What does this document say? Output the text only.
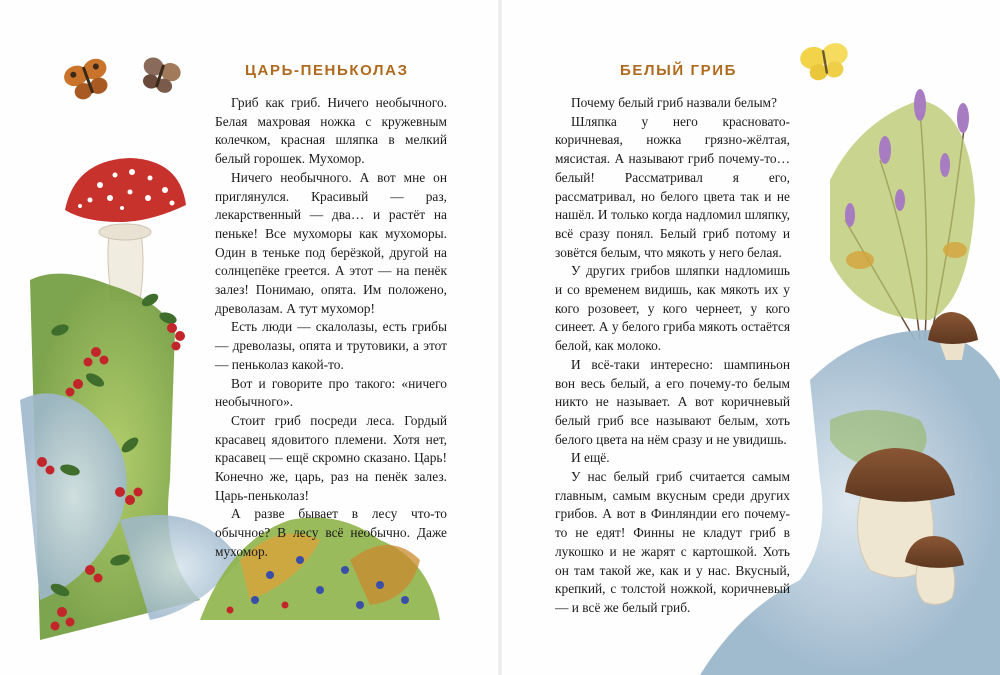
ЦАРЬ-ПЕНЬКОЛАЗ

Гриб как гриб. Ничего необычного. Белая махровая ножка с кружевным колечком, красная шляпка в мелкий белый горошек. Мухомор.

Ничего необычного. А вот мне он приглянулся. Красивый — раз, лекарственный — два… и растёт на пеньке! Все мухоморы как мухоморы. Один в теньке под берёзкой, другой на солнцепёке греется. А этот — на пенёк залез! Понимаю, опята. Им положено, древолазам. А тут мухомор!

Есть люди — скалолазы, есть грибы — древолазы, опята и трутовики, а этот — пенькол​аз какой-то.

Вот и говорите про такого: «ничего необычного».

Стоит гриб посреди леса. Гордый красавец ядовитого племени. Хотя нет, красавец — ещё скромно сказано. Царь! Конечно же, царь, раз на пенёк залез. Царь-пенькол​аз!

А разве бывает в лесу что-то обычное? В лесу всё необычно. Даже мухомор.

БЕЛЫЙ ГРИБ

Почему белый гриб назвали белым?

Шляпка у него красновато-коричневая, ножка грязно-жёлтая, мясистая. А называют гриб почему-то… белый! Рассматривал я его, рассматривал, но белого цвета так и не нашёл. И только когда надломил шляпку, всё сразу понял. Белый гриб потому и зовётся белым, что мякоть у него белая.

У других грибов шляпки надломишь и со временем видишь, как мякоть их у кого розовеет, у кого чернеет, у кого синеет. А у белого гриба мякоть остаётся белой, как молоко.

И всё-таки интересно: шампиньон вон весь белый, а его почему-то белым никто не называет. А вот коричневый белый гриб все называют белым, хоть белого цвета на нём сразу и не увидишь.

И ещё.

У нас белый гриб считается самым главным, самым вкусным среди других грибов. А вот в Финляндии его почему-то не едят! Финны не кладут гриб в лукошко и не жарят с картошкой. Хоть он там такой же, как и у нас. Вкусный, крепкий, с толстой ножкой, коричневый — и всё же белый гриб.
